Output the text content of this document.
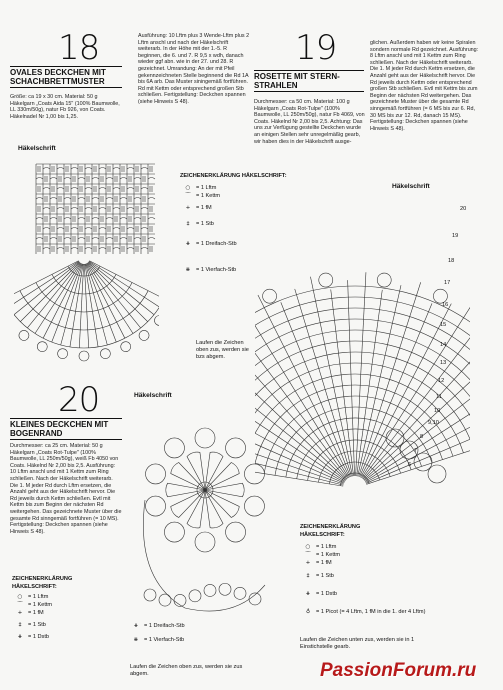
18
OVALES DECKCHEN MIT
SCHACHBRETTMUSTER

Größe: ca 19 x 30 cm. Material: 50 g Häkelgarn „Coats Aida 15" (100% Baumwolle, LL 330m/50g), natur Fb 926, von Coats. Häkelnadel Nr 1,00 bis 1,25.

Ausführung: 10 Lftm plus 3 Wende-Lftm plus 2 Lftm anschl und nach der Häkelschrift weiterarb. In der Höhe mit der 1.-5. R beginnen, die 6. und 7. R 9,5 x wdh, danach wieder ggf abn. wie in der 27. und 28. R gezeichnet. Umrandung: An der mit Pfeil gekennzeichneten Stelle beginnend die Rd 1A bis 6A arb. Das Muster siningemäß fortführen. Rd mit Kettm oder entsprechend großen Stb schließen. Fertigstellung: Deckchen spannen (siehe Hinweis S 48).

Häkelschrift
ZEICHENERKLÄRUNG HÄKELSCHRIFT:
○ = 1 Lftm
⌒ = 1 Kettm
+ = 1 fM
‡ = 1 Stb
⧺ = 1 Dreifach-Stb
⧻ = 1 Vierfach-Stb
Laufen die Zeichen oben zus, werden sie bzs abgem.
19
ROSETTE MIT STERN-
STRAHLEN

Durchmesser: ca 50 cm. Material: 100 g Häkelgarn „Coats Rot-Tulpe" (100% Baumwolle, LL 250m/50g), natur Fb 4069, von Coats. Häkelnd Nr 2,00 bis 2,5. Achtung: Das uns zur Verfügung gestellte Deckchen wurde an einigen Stellen sehr unregelmäßig gearb, wir haben dies in der Häkelschrift ausge-

glichen. Außerdem haben wir keine Spiralen sondern normale Rd gezeichnet. Ausführung: 8 Lftm anschl und mit 1 Kettm zum Ring schließen. Nach der Häkelschrift weiterarb. Die 1. M jeder Rd durch Kettm ersetzen, die Anzahl geht aus der Häkelschrift hervor. Die Rd jeweils durch Kettm oder entsprechend großen Stb schließen. Evtl mit Kettm bis zum Beginn der nächsten Rd weitergehen. Das gezeichnete Muster über die gesamte Rd sinngemäß fortführen (= 6 MS bis zur 6. Rd, 30 MS bis zur 12. Rd, danach 15 MS). Fertigstellung: Deckchen spannen (siehe Hinweis S 48).

Häkelschrift
20
19
18
17
16
15
14
13
12
11
10
9,10
8
7
6
ZEICHENERKLÄRUNG HÄKELSCHRIFT:
○ = 1 Lftm
⌒ = 1 Kettm
+ = 1 fM
‡ = 1 Stb
⧺ = 1 Dstb
♁ = 1 Picot (= 4 Lftm, 1 fM in die 1. der 4 Lftm)
Laufen die Zeichen unten zus, werden sie in 1 Einstichstelle gearb.
20
KLEINES DECKCHEN MIT
BOGENRAND

Durchmesser: ca 25 cm. Material: 50 g Häkelgarn „Coats Rot-Tulpe" (100% Baumwolle, LL 250m/50g), weiß Fb 4050 von Coats. Häkelnd Nr 2,00 bis 2,5. Ausführung: 10 Lftm anschl und mit 1 Kettm zum Ring schließen. Nach der Häkelschrift weiterarb. Die 1. M jeder Rd durch Lftm ersetzen, die Anzahl geht aus der Häkelschrift hervor. Die Rd jeweils durch Kettm schließen. Evtl mit Kettm bis zum Beginn der nächsten Rd weitergehen. Das gezeichnete Muster über die gesamte Rd sinngemäß fortführen (= 10 MS). Fertigstellung: Deckchen spannen (siehe Hinweis S 48).

Häkelschrift
ZEICHENERKLÄRUNG HÄKELSCHRIFT:
○ = 1 Lftm
⌒ = 1 Kettm
+ = 1 fM
‡ = 1 Stb
⧺ = 1 Dstb
⧺ = 1 Dreifach-Stb
⧻ = 1 Vierfach-Stb
Laufen die Zeichen oben zus, werden sie zus abgem.	PassionForum.ru
